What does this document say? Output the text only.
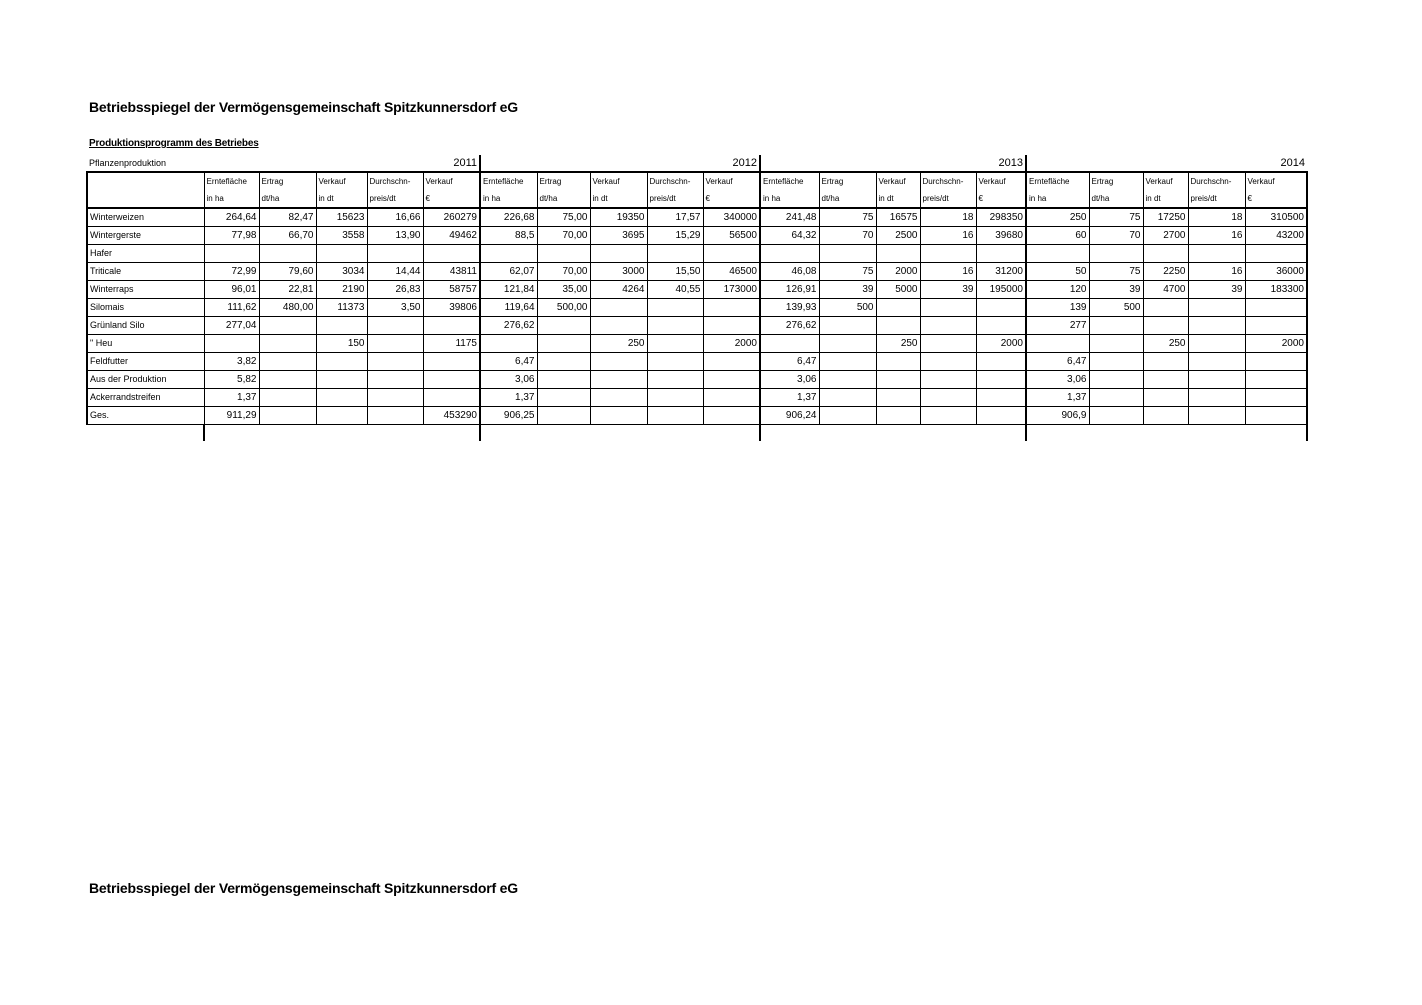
Betriebsspiegel der Vermögensgemeinschaft Spitzkunnersdorf eG
Produktionsprogramm des Betriebes
Pflanzenproduktion	2011					2012					2013					2014				
	Ernteﬂäche	Ertrag	Verkauf	Durchschn-	Verkauf	Ernteﬂäche	Ertrag	Verkauf	Durchschn-	Verkauf	Ernteﬂäche	Ertrag	Verkauf	Durchschn-	Verkauf	Ernteﬂäche	Ertrag	Verkauf	Durchschn-	Verkauf
	in ha	dt/ha	in dt	preis/dt	€	in ha	dt/ha	in dt	preis/dt	€	in ha	dt/ha	in dt	preis/dt	€	in ha	dt/ha	in dt	preis/dt	€
Winterweizen	264,64	82,47	15623	16,66	260279	226,68	75,00	19350	17,57	340000	241,48	75	16575	18	298350	250	75	17250	18	310500
Wintergerste	77,98	66,70	3558	13,90	49462	88,5	70,00	3695	15,29	56500	64,32	70	2500	16	39680	60	70	2700	16	43200
Hafer																				
Triticale	72,99	79,60	3034	14,44	43811	62,07	70,00	3000	15,50	46500	46,08	75	2000	16	31200	50	75	2250	16	36000
Winterraps	96,01	22,81	2190	26,83	58757	121,84	35,00	4264	40,55	173000	126,91	39	5000	39	195000	120	39	4700	39	183300
Silomais	111,62	480,00	11373	3,50	39806	119,64	500,00				139,93	500				139	500			
Grünland Silo	277,04					276,62					276,62					277				
" Heu			150		1175			250		2000			250		2000			250		2000
Feldfutter	3,82					6,47					6,47					6,47				
Aus der Produktion	5,82					3,06					3,06					3,06				
Ackerrandstreifen	1,37					1,37					1,37					1,37				
Ges.	911,29				453290	906,25					906,24					906,9				

Betriebsspiegel der Vermögensgemeinschaft Spitzkunnersdorf eG
